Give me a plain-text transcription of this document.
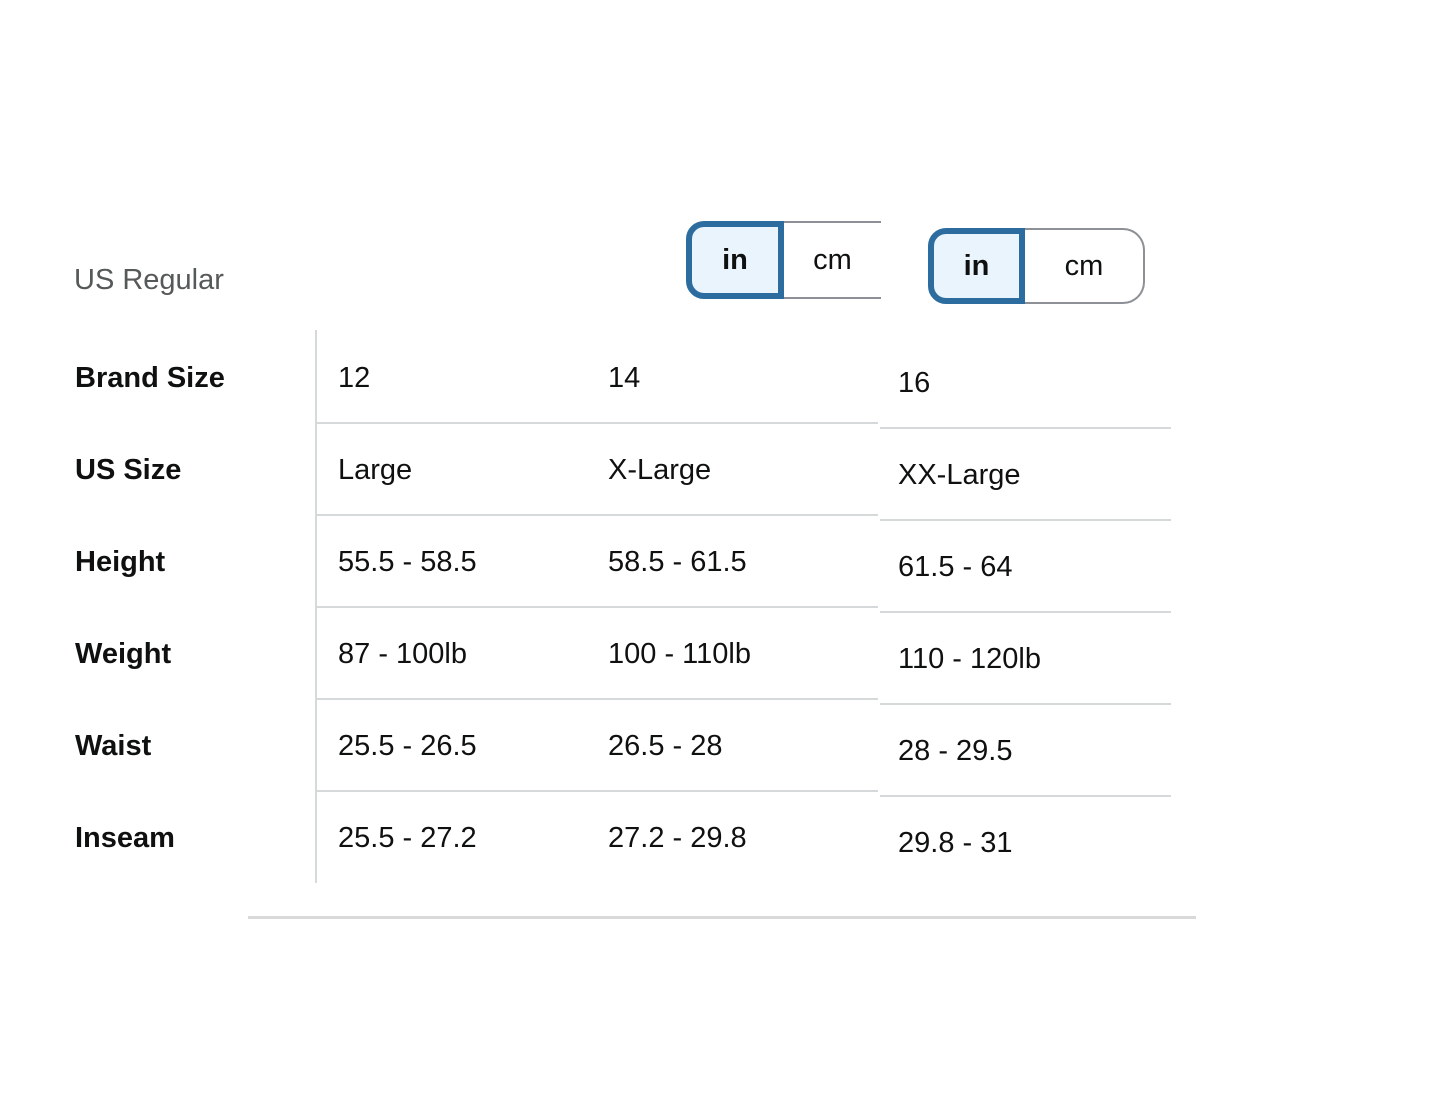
US Regular
in	cm	in	cm
Brand Size	12	14	16
US Size	Large	X-Large	XX-Large
Height	55.5 - 58.5	58.5 - 61.5	61.5 - 64
Weight	87 - 100lb	100 - 110lb	110 - 120lb
Waist	25.5 - 26.5	26.5 - 28	28 - 29.5
Inseam	25.5 - 27.2	27.2 - 29.8	29.8 - 31
